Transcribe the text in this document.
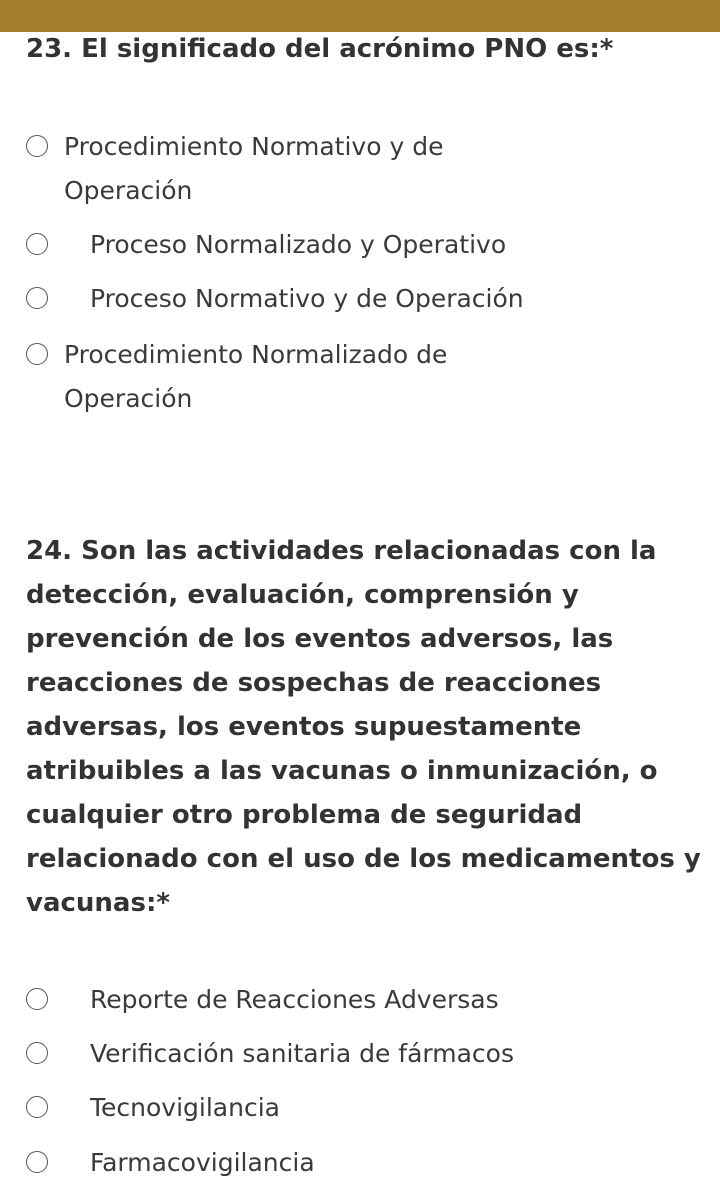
23. El significado del acrónimo PNO es:*
Procedimiento Normativo y de Operación
Proceso Normalizado y Operativo
Proceso Normativo y de Operación
Procedimiento Normalizado de Operación
24. Son las actividades relacionadas con la detección, evaluación, comprensión y prevención de los eventos adversos, las reacciones de sospechas de reacciones adversas, los eventos supuestamente atribuibles a las vacunas o inmunización, o cualquier otro problema de seguridad relacionado con el uso de los medicamentos y vacunas:*
Reporte de Reacciones Adversas
Verificación sanitaria de fármacos
Tecnovigilancia
Farmacovigilancia
